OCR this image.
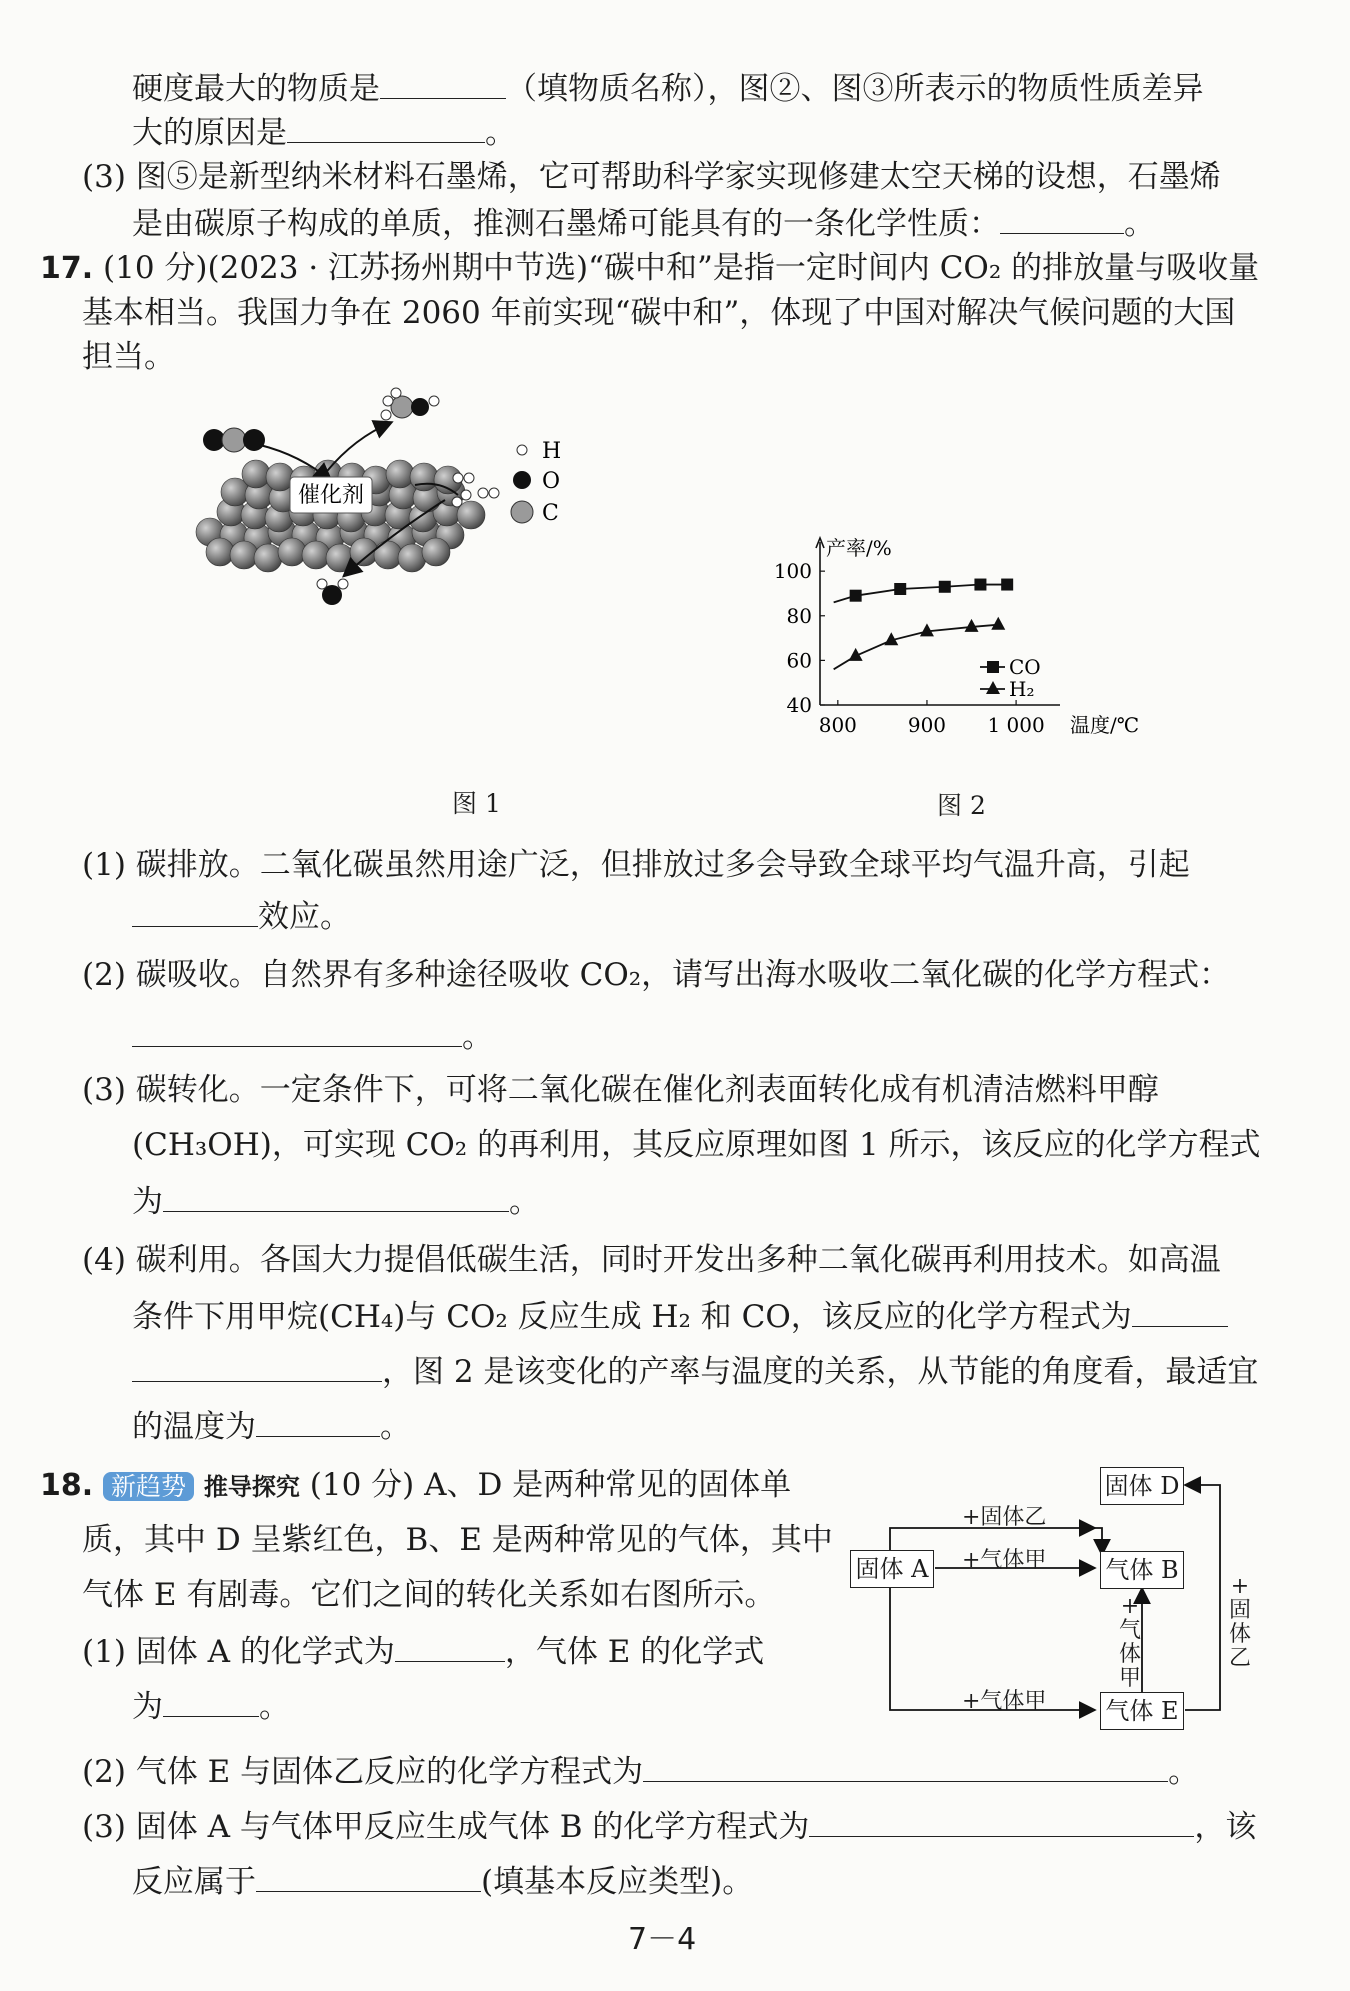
硬度最大的物质是	（填物质名称），图②、图③所表示的物质性质差异
大的原因是	。
(3) 图⑤是新型纳米材料石墨烯，它可帮助科学家实现修建太空天梯的设想，石墨烯
是由碳原子构成的单质，推测石墨烯可能具有的一条化学性质：	。
17. (10 分)(2023 · 江苏扬州期中节选)“碳中和”是指一定时间内 CO₂ 的排放量与吸收量
基本相当。我国力争在 2060 年前实现“碳中和”，体现了中国对解决气候问题的大国
担当。
催化剂
H
O
C
图 1
产率/%
温度/℃
40
60
80
100
800	900 1 000
CO
H₂
图 2
(1) 碳排放。二氧化碳虽然用途广泛，但排放过多会导致全球平均气温升高，引起
效应。
(2) 碳吸收。自然界有多种途径吸收 CO₂，请写出海水吸收二氧化碳的化学方程式：
。
(3) 碳转化。一定条件下，可将二氧化碳在催化剂表面转化成有机清洁燃料甲醇
(CH₃OH)，可实现 CO₂ 的再利用，其反应原理如图 1 所示，该反应的化学方程式
为	。
(4) 碳利用。各国大力提倡低碳生活，同时开发出多种二氧化碳再利用技术。如高温
条件下用甲烷(CH₄)与 CO₂ 反应生成 H₂ 和 CO，该反应的化学方程式为
，图 2 是该变化的产率与温度的关系，从节能的角度看，最适宜
的温度为	。
18. 新趋势 推导探究 (10 分) A、D 是两种常见的固体单
质，其中 D 呈紫红色，B、E 是两种常见的气体，其中
气体 E 有剧毒。它们之间的转化关系如右图所示。
(1) 固体 A 的化学式为	，气体 E 的化学式
为	。
(2) 气体 E 与固体乙反应的化学方程式为	。
(3) 固体 A 与气体甲反应生成气体 B 的化学方程式为	，该
反应属于	(填基本反应类型)。
固体 A
固体 D
气体 B
气体 E
+固体乙
+气体甲
+气体甲
+
气
体
甲
+
固
体
乙
7－4
